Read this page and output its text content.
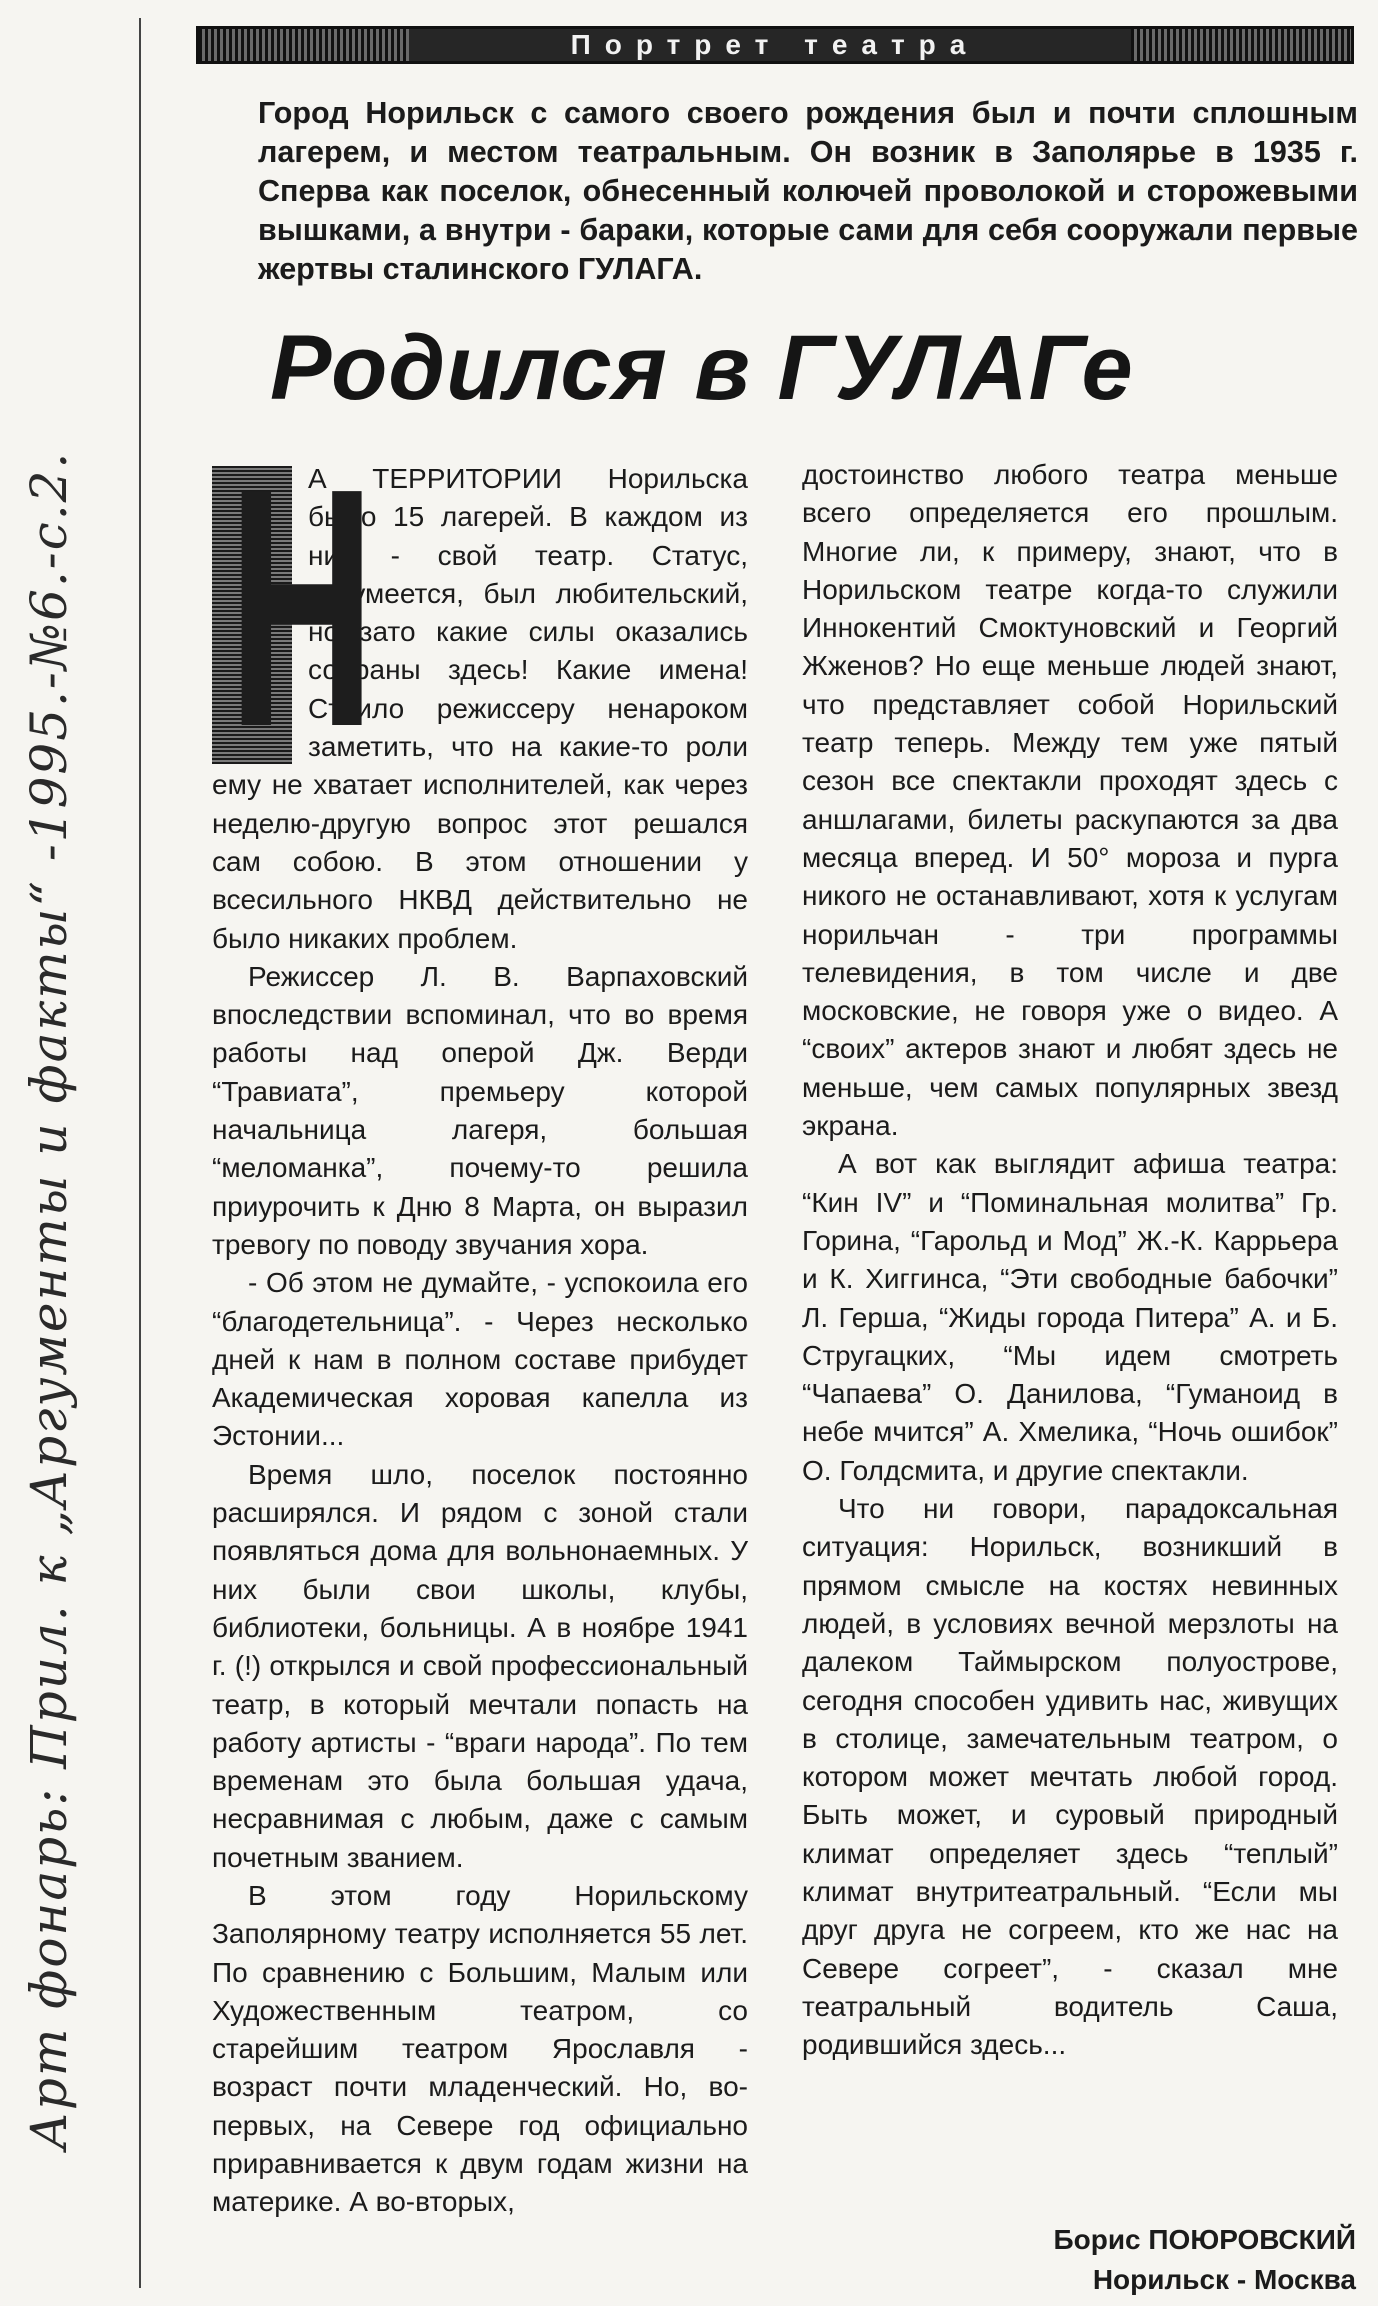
Арт фонарь: Прил. к „Аргументы и факты“ -1995.-№6.-с.2.
Портрет театра
Город Норильск с самого своего рождения был и почти сплошным лагерем, и местом театральным. Он возник в Заполярье в 1935 г. Сперва как поселок, обнесенный колючей проволокой и сторожевыми вышками, а внутри - бараки, которые сами для себя сооружали первые жертвы сталинского ГУЛАГА.
Родился в ГУЛАГе

Н
А ТЕРРИТОРИИ Норильска было 15 лагерей. В каждом из них - свой театр. Статус, разумеется, был любительский, но зато какие силы оказались собраны здесь! Какие имена! Стоило режиссеру ненароком заметить, что на какие-то роли ему не хватает исполнителей, как через неделю-другую вопрос этот решался сам собою. В этом отношении у всесильного НКВД действительно не было никаких проблем.

Режиссер Л. В. Варпаховский впоследствии вспоминал, что во время работы над оперой Дж. Верди “Травиата”, премьеру которой начальница лагеря, большая “меломанка”, почему-то решила приурочить к Дню 8 Марта, он выразил тревогу по поводу звучания хора.

- Об этом не думайте, - успокоила его “благодетельница”. - Через несколько дней к нам в полном составе прибудет Академическая хоровая капелла из Эстонии...

Время шло, поселок постоянно расширялся. И рядом с зоной стали появляться дома для вольнонаемных. У них были свои школы, клубы, библиотеки, больницы. А в ноябре 1941 г. (!) открылся и свой профессиональный театр, в который мечтали попасть на работу артисты - “враги народа”. По тем временам это была большая удача, несравнимая с любым, даже с самым почетным званием.

В этом году Норильскому Заполярному театру исполняется 55 лет. По сравнению с Большим, Малым или Художественным театром, со старейшим театром Ярославля - возраст почти младенческий. Но, во-первых, на Севере год официально приравнивается к двум годам жизни на материке. А во-вторых,

достоинство любого театра меньше всего определяется его прошлым. Многие ли, к примеру, знают, что в Норильском театре когда-то служили Иннокентий Смоктуновский и Георгий Жженов? Но еще меньше людей знают, что представляет собой Норильский театр теперь. Между тем уже пятый сезон все спектакли проходят здесь с аншлагами, билеты раскупаются за два месяца вперед. И 50° мороза и пурга никого не останавливают, хотя к услугам норильчан - три программы телевидения, в том числе и две московские, не говоря уже о видео. А “своих” актеров знают и любят здесь не меньше, чем самых популярных звезд экрана.

А вот как выглядит афиша театра: “Кин IV” и “Поминальная молитва” Гр. Горина, “Гарольд и Мод” Ж.-К. Каррьера и К. Хиггинса, “Эти свободные бабочки” Л. Герша, “Жиды города Питера” А. и Б. Стругацких, “Мы идем смотреть “Чапаева” О. Данилова, “Гуманоид в небе мчится” А. Хмелика, “Ночь ошибок” О. Голдсмита, и другие спектакли.

Что ни говори, парадоксальная ситуация: Норильск, возникший в прямом смысле на костях невинных людей, в условиях вечной мерзлоты на далеком Таймырском полуострове, сегодня способен удивить нас, живущих в столице, замечательным театром, о котором может мечтать любой город. Быть может, и суровый природный климат определяет здесь “теплый” климат внутритеатральный. “Если мы друг друга не согреем, кто же нас на Севере согреет”, - сказал мне театральный водитель Саша, родившийся здесь...

Борис ПОЮРОВСКИЙ
Норильск - Москва
